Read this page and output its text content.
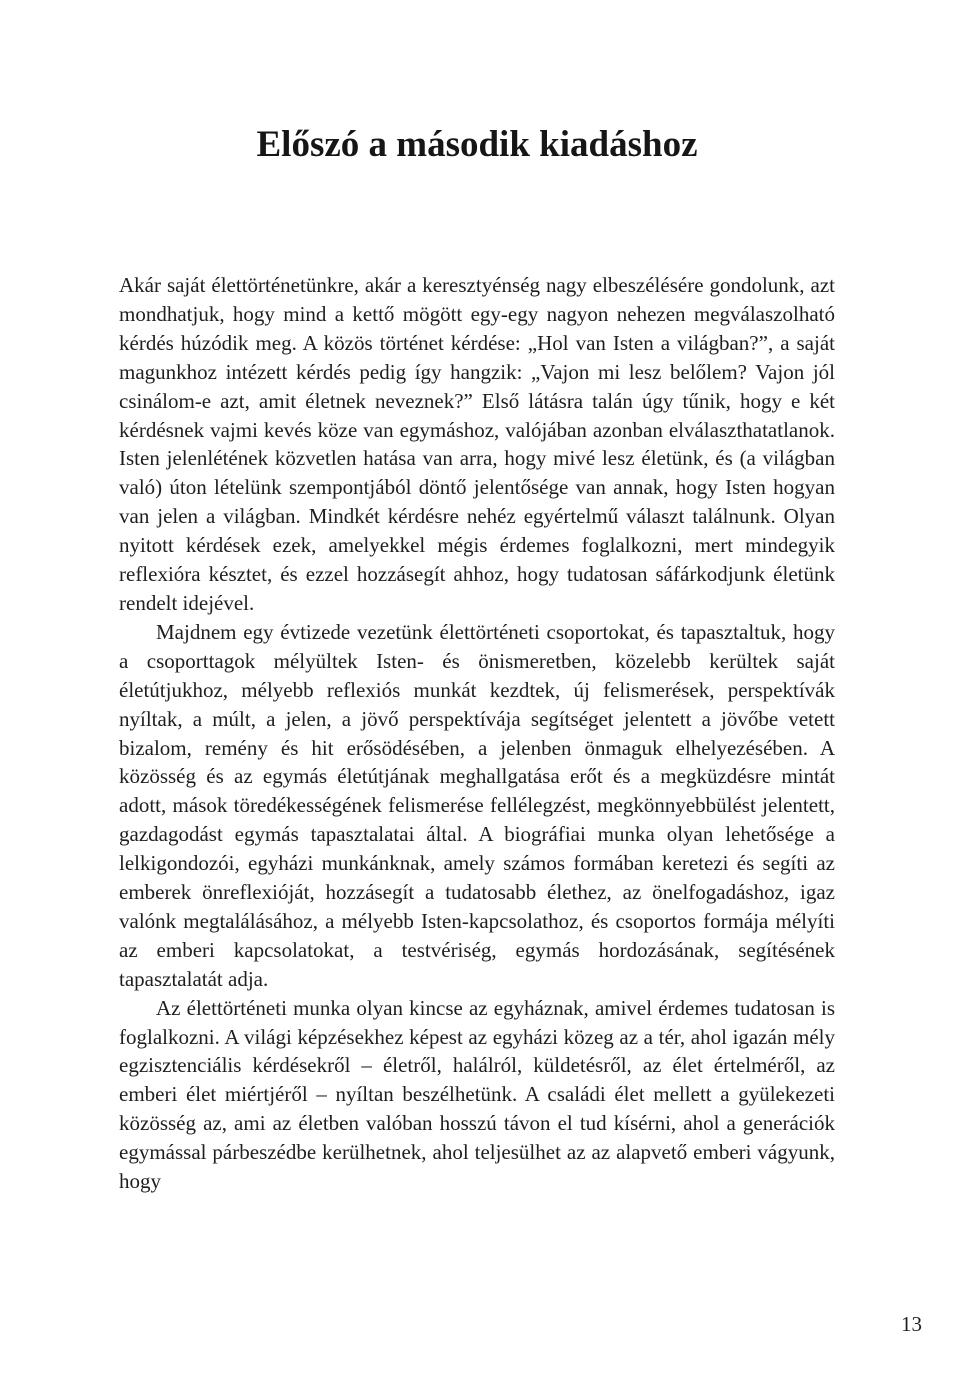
Előszó a második kiadáshoz

Akár saját élettörténetünkre, akár a keresztyénség nagy elbeszélésére gondolunk, azt mondhatjuk, hogy mind a kettő mögött egy-egy nagyon nehezen megválaszolható kérdés húzódik meg. A közös történet kérdése: „Hol van Isten a világban?”, a saját magunkhoz intézett kérdés pedig így hangzik: „Vajon mi lesz belőlem? Vajon jól csinálom-e azt, amit életnek neveznek?” Első látásra talán úgy tűnik, hogy e két kérdésnek vajmi kevés köze van egymáshoz, valójában azonban elválaszthatatlanok. Isten jelenlétének közvetlen hatása van arra, hogy mivé lesz életünk, és (a világban való) úton lételünk szempontjából döntő jelentősége van annak, hogy Isten hogyan van jelen a világban. Mindkét kérdésre nehéz egyértelmű választ találnunk. Olyan nyitott kérdések ezek, amelyekkel mégis érdemes foglalkozni, mert mindegyik reflexióra késztet, és ezzel hozzásegít ahhoz, hogy tudatosan sáfárkodjunk életünk rendelt idejével.

Majdnem egy évtizede vezetünk élettörténeti csoportokat, és tapasztaltuk, hogy a csoporttagok mélyültek Isten- és önismeretben, közelebb kerültek saját életútjukhoz, mélyebb reflexiós munkát kezdtek, új felismerések, perspektívák nyíltak, a múlt, a jelen, a jövő perspektívája segítséget jelentett a jövőbe vetett bizalom, remény és hit erősödésében, a jelenben önmaguk elhelyezésében. A közösség és az egymás életútjának meghallgatása erőt és a megküzdésre mintát adott, mások töredékességének felismerése fellélegzést, megkönnyebbülést jelentett, gazdagodást egymás tapasztalatai által. A biográfiai munka olyan lehetősége a lelkigondozói, egyházi munkánknak, amely számos formában keretezi és segíti az emberek önreflexióját, hozzásegít a tudatosabb élethez, az önelfogadáshoz, igaz valónk megtalálásához, a mélyebb Isten-kapcsolathoz, és csoportos formája mélyíti az emberi kapcsolatokat, a testvériség, egymás hordozásának, segítésének tapasztalatát adja.

Az élettörténeti munka olyan kincse az egyháznak, amivel érdemes tudatosan is foglalkozni. A világi képzésekhez képest az egyházi közeg az a tér, ahol igazán mély egzisztenciális kérdésekről – életről, halálról, küldetésről, az élet értelméről, az emberi élet miértjéről – nyíltan beszélhetünk. A családi élet mellett a gyülekezeti közösség az, ami az életben valóban hosszú távon el tud kísérni, ahol a generációk egymással párbeszédbe kerülhetnek, ahol teljesülhet az az alapvető emberi vágyunk, hogy

13
